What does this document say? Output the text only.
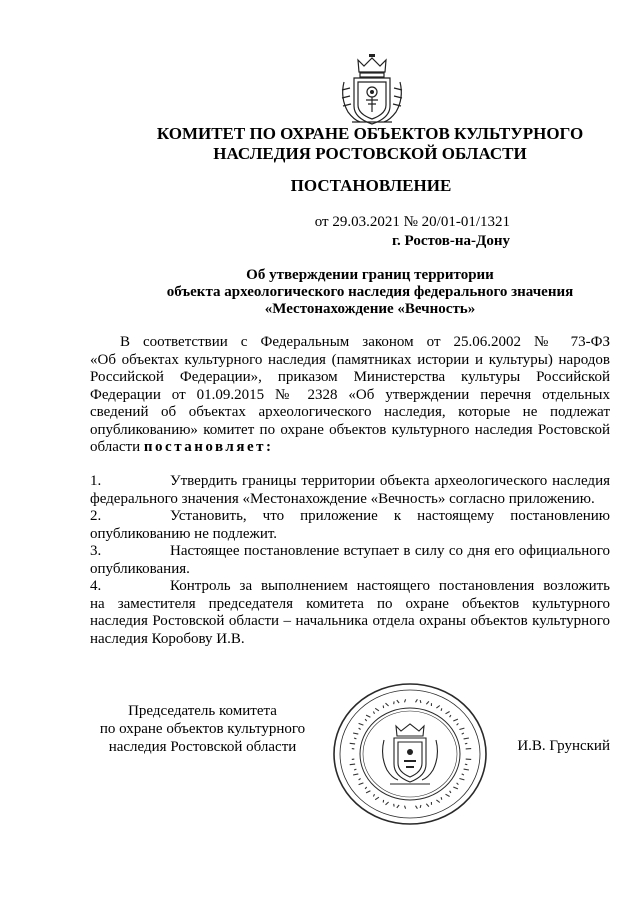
КОМИТЕТ ПО ОХРАНЕ ОБЪЕКТОВ КУЛЬТУРНОГО
НАСЛЕДИЯ РОСТОВСКОЙ ОБЛАСТИ
ПОСТАНОВЛЕНИЕ
от 29.03.2021 № 20/01-01/1321
г. Ростов-на-Дону

Об утверждении границ территории

объекта археологического наследия федерального значения

«Местонахождение «Вечность»

В соответствии с Федеральным законом от 25.06.2002 № 73-ФЗ
«Об объектах культурного наследия (памятниках истории и культуры) народов
Российской Федерации», приказом Министерства культуры Российской
Федерации от 01.09.2015 № 2328 «Об утверждении перечня отдельных
сведений об объектах археологического наследия, которые не подлежат
опубликованию» комитет по охране объектов культурного наследия Ростовской
области постановляет:
1.	Утвердить границы территории объекта археологического наследия
федерального значения «Местонахождение «Вечность» согласно приложению.
2.	Установить, что приложение к настоящему постановлению
опубликованию не подлежит.
3.	Настоящее постановление вступает в силу со дня его официального
опубликования.
4.	Контроль за выполнением настоящего постановления возложить
на заместителя председателя комитета по охране объектов культурного
наследия Ростовской области – начальника отдела охраны объектов культурного
наследия Коробову И.В.
Председатель комитета
по охране объектов культурного
наследия Ростовской области	И.В. Грунский
